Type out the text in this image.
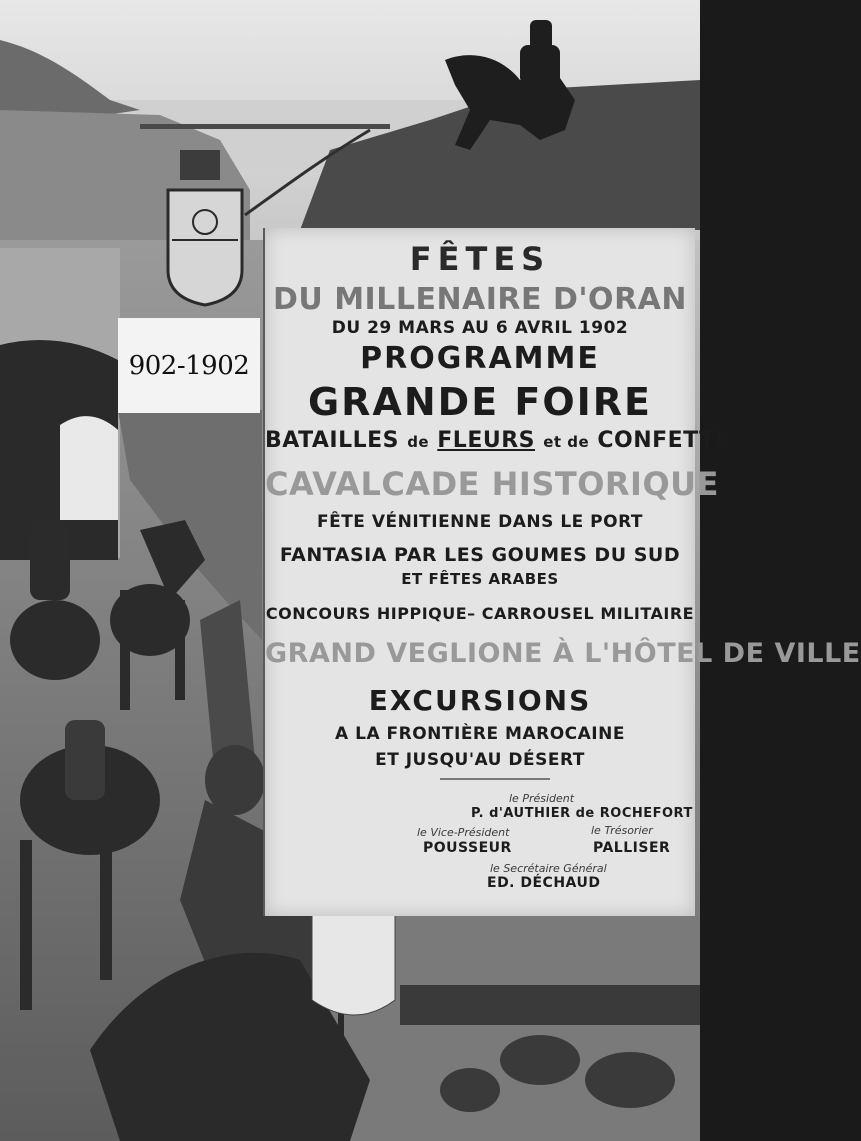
902-1902
FÊTES
DU MILLENAIRE D'ORAN
DU 29 MARS AU 6 AVRIL 1902
PROGRAMME
GRANDE FOIRE
BATAILLES de FLEURS et de CONFETTI
CAVALCADE HISTORIQUE
FÊTE VÉNITIENNE DANS LE PORT
FANTASIA PAR LES GOUMES DU SUD
ET FÊTES ARABES
CONCOURS HIPPIQUE– CARROUSEL MILITAIRE
GRAND VEGLIONE À L'HÔTEL DE VILLE
EXCURSIONS
A LA FRONTIÈRE MAROCAINE
ET JUSQU'AU DÉSERT
le Président
P. d'AUTHIER de ROCHEFORT
le Vice-Président	le Trésorier
POUSSEUR	PALLISER
le Secrétaire Général
ED. DÉCHAUD
